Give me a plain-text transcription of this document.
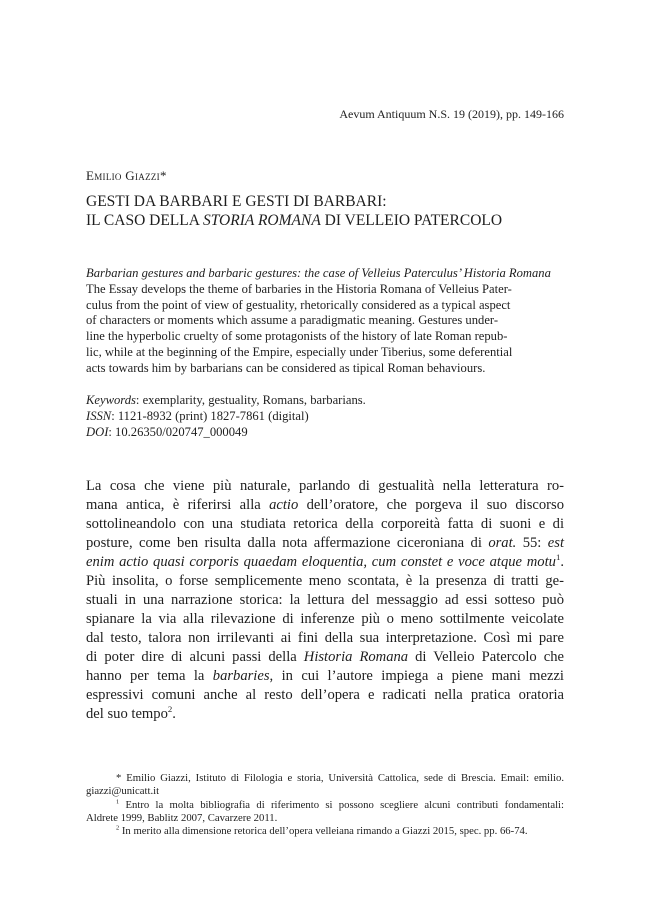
Aevum Antiquum N.S. 19 (2019), pp. 149-166
Emilio Giazzi*
GESTI DA BARBARI E GESTI DI BARBARI:
IL CASO DELLA STORIA ROMANA DI VELLEIO PATERCOLO
Barbarian gestures and barbaric gestures: the case of Velleius Paterculus’ Historia Romana
The Essay develops the theme of barbaries in the Historia Romana of Velleius Pater-
culus from the point of view of gestuality, rhetorically considered as a typical aspect
of characters or moments which assume a paradigmatic meaning. Gestures under-
line the hyperbolic cruelty of some protagonists of the history of late Roman repub-
lic, while at the beginning of the Empire, especially under Tiberius, some deferential
acts towards him by barbarians can be considered as tipical Roman behaviours.
Keywords: exemplarity, gestuality, Romans, barbarians.
ISSN: 1121-8932 (print) 1827-7861 (digital)
DOI: 10.26350/020747_000049
La cosa che viene più naturale, parlando di gestualità nella letteratura ro-
mana antica, è riferirsi alla actio dell’oratore, che porgeva il suo discorso
sottolineandolo con una studiata retorica della corporeità fatta di suoni e di
posture, come ben risulta dalla nota affermazione ciceroniana di orat. 55: est
enim actio quasi corporis quaedam eloquentia, cum constet e voce atque motu$^1$.
Più insolita, o forse semplicemente meno scontata, è la presenza di tratti ge-
stuali in una narrazione storica: la lettura del messaggio ad essi sotteso può
spianare la via alla rilevazione di inferenze più o meno sottilmente veicolate
dal testo, talora non irrilevanti ai fini della sua interpretazione. Così mi pare
di poter dire di alcuni passi della Historia Romana di Velleio Patercolo che
hanno per tema la barbaries, in cui l’autore impiega a piene mani mezzi
espressivi comuni anche al resto dell’opera e radicati nella pratica oratoria
del suo tempo$^2$.
* Emilio Giazzi, Istituto di Filologia e storia, Università Cattolica, sede di Brescia. Email: emilio.
giazzi@unicatt.it
$^1$ Entro la molta bibliografia di riferimento si possono scegliere alcuni contributi fondamentali:
Aldrete 1999, Bablitz 2007, Cavarzere 2011.
$^2$ In merito alla dimensione retorica dell’opera velleiana rimando a Giazzi 2015, spec. pp. 66-74.
